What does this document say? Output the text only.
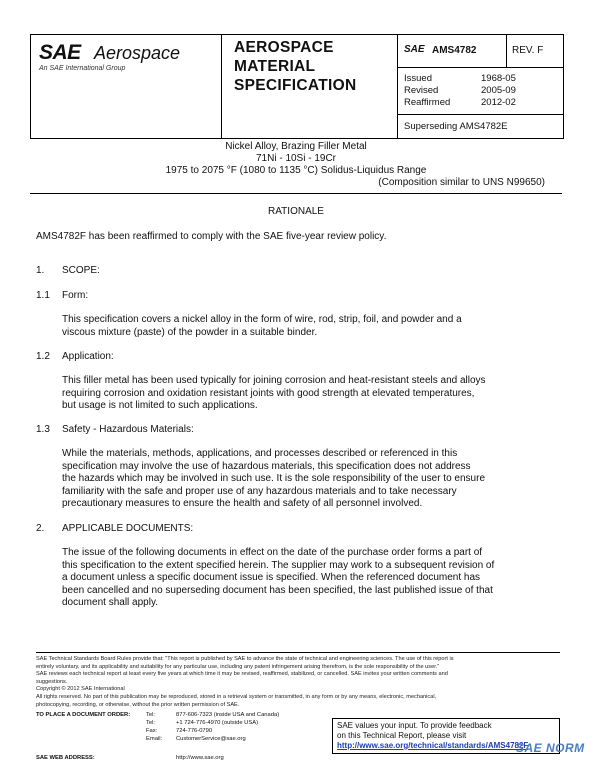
SAE Aerospace
An SAE International Group
AEROSPACE
MATERIAL
SPECIFICATION
SAE AMS4782	REV. F
Issued	1968-05
Revised	2005-09
Reaffirmed	2012-02
Superseding AMS4782E
Nickel Alloy, Brazing Filler Metal
71Ni - 10Si - 19Cr
1975 to 2075 °F (1080 to 1135 °C) Solidus-Liquidus Range
(Composition similar to UNS N99650)
RATIONALE
AMS4782F has been reaffirmed to comply with the SAE five-year review policy.
1. SCOPE:
1.1 Form:
This specification covers a nickel alloy in the form of wire, rod, strip, foil, and powder and a
viscous mixture (paste) of the powder in a suitable binder.
1.2 Application:
This filler metal has been used typically for joining corrosion and heat-resistant steels and alloys
requiring corrosion and oxidation resistant joints with good strength at elevated temperatures,
but usage is not limited to such applications.
1.3 Safety - Hazardous Materials:
While the materials, methods, applications, and processes described or referenced in this
specification may involve the use of hazardous materials, this specification does not address
the hazards which may be involved in such use. It is the sole responsibility of the user to ensure
familiarity with the safe and proper use of any hazardous materials and to take necessary
precautionary measures to ensure the health and safety of all personnel involved.
2. APPLICABLE DOCUMENTS:
The issue of the following documents in effect on the date of the purchase order forms a part of
this specification to the extent specified herein. The supplier may work to a subsequent revision of
a document unless a specific document issue is specified. When the referenced document has
been cancelled and no superseding document has been specified, the last published issue of that
document shall apply.
SAE Technical Standards Board Rules provide that: "This report is published by SAE to advance the state of technical and engineering sciences. The use of this report is
entirely voluntary, and its applicability and suitability for any particular use, including any patent infringement arising therefrom, is the sole responsibility of the user."
SAE reviews each technical report at least every five years at which time it may be revised, reaffirmed, stabilized, or cancelled. SAE invites your written comments and
suggestions.
Copyright © 2012 SAE International
All rights reserved. No part of this publication may be reproduced, stored in a retrieval system or transmitted, in any form or by any means, electronic, mechanical,
photocopying, recording, or otherwise, without the prior written permission of SAE.
TO PLACE A DOCUMENT ORDER:	Tel:	877-606-7323 (inside USA and Canada)
Tel:	+1 724-776-4970 (outside USA)
Fax:	724-776-0790
Email: CustomerService@sae.org
SAE WEB ADDRESS:	http://www.sae.org
SAE values your input. To provide feedback
on this Technical Report, please visit
http://www.sae.org/technical/standards/AMS4782F
SAE NORM
